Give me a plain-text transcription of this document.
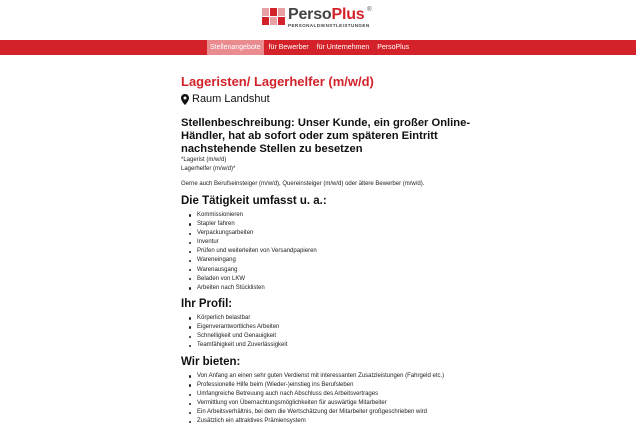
PersoPlus ®
PERSONALDIENSTLEISTUNGEN
Stellenangebote	für Bewerber	für Unternehmen	PersoPlus
Lageristen/ Lagerhelfer (m/w/d)
Raum Landshut
Stellenbeschreibung: Unser Kunde, ein großer Online- Händler, hat ab sofort oder zum späteren Eintritt nachstehende Stellen zu besetzen
*Lagerist (m/w/d)
Lagerhelfer (m/w/d)*
Gerne auch Berufseinsteiger (m/w/d), Quereinsteiger (m/w/d) oder ältere Bewerber (m/w/d).
Die Tätigkeit umfasst u. a.:
Kommissionieren
Stapler fahren
Verpackungsarbeiten
Inventur
Prüfen und weiterleiten von Versandpapieren
Wareneingang
Warenausgang
Beladen von LKW
Arbeiten nach Stücklisten
Ihr Profil:
Körperlich belastbar
Eigenverantwortliches Arbeiten
Schnelligkeit und Genauigkeit
Teamfähigkeit und Zuverlässigkeit
Wir bieten:
Von Anfang an einen sehr guten Verdienst mit interessanten Zusatzleistungen (Fahrgeld etc.)
Professionelle Hilfe beim (Wieder-)einstieg ins Berufsleben
Umfangreiche Betreuung auch nach Abschluss des Arbeitsvertrages
Vermittlung von Übernachtungsmöglichkeiten für auswärtige Mitarbeiter
Ein Arbeitsverhältnis, bei dem die Wertschätzung der Mitarbeiter großgeschrieben wird
Zusätzlich ein attraktives Prämiensystem
